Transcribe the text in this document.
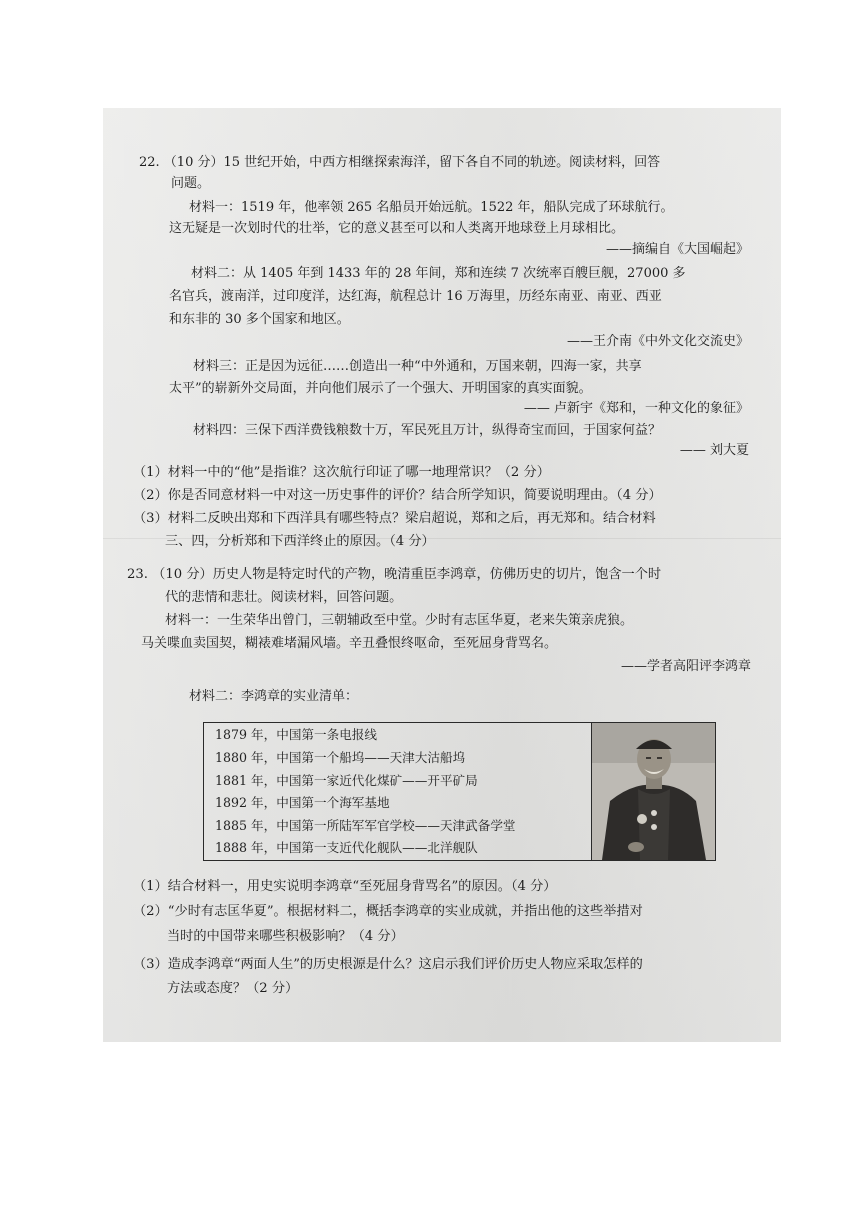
22. （10 分）15 世纪开始，中西方相继探索海洋，留下各自不同的轨迹。阅读材料，回答
问题。
材料一：1519 年，他率领 265 名船员开始远航。1522 年，船队完成了环球航行。
这无疑是一次划时代的壮举，它的意义甚至可以和人类离开地球登上月球相比。
——摘编自《大国崛起》
材料二：从 1405 年到 1433 年的 28 年间，郑和连续 7 次统率百艘巨舰，27000 多
名官兵，渡南洋，过印度洋，达红海，航程总计 16 万海里，历经东南亚、南亚、西亚
和东非的 30 多个国家和地区。
——王介南《中外文化交流史》
材料三：正是因为远征……创造出一种“中外通和，万国来朝，四海一家，共享
太平”的崭新外交局面，并向他们展示了一个强大、开明国家的真实面貌。
—— 卢新宇《郑和，一种文化的象征》
材料四：三保下西洋费钱粮数十万，军民死且万计，纵得奇宝而回，于国家何益？
—— 刘大夏
（1）材料一中的“他”是指谁？这次航行印证了哪一地理常识？（2 分）
（2）你是否同意材料一中对这一历史事件的评价？结合所学知识，简要说明理由。（4 分）
（3）材料二反映出郑和下西洋具有哪些特点？梁启超说，郑和之后，再无郑和。结合材料
三、四，分析郑和下西洋终止的原因。（4 分）
23. （10 分）历史人物是特定时代的产物，晚清重臣李鸿章，仿佛历史的切片，饱含一个时
代的悲情和悲壮。阅读材料，回答问题。
材料一：一生荣华出曾门，三朝辅政至中堂。少时有志匡华夏，老来失策亲虎狼。
马关喋血卖国契，糊裱难堵漏风墙。辛丑叠恨终呕命，至死屈身背骂名。
——学者高阳评李鸿章
材料二：李鸿章的实业清单：
1879 年，中国第一条电报线
1880 年，中国第一个船坞——天津大沽船坞
1881 年，中国第一家近代化煤矿——开平矿局
1892 年，中国第一个海军基地
1885 年，中国第一所陆军军官学校——天津武备学堂
1888 年，中国第一支近代化舰队——北洋舰队
（1）结合材料一，用史实说明李鸿章“至死屈身背骂名”的原因。（4 分）
（2）“少时有志匡华夏”。根据材料二，概括李鸿章的实业成就，并指出他的这些举措对
当时的中国带来哪些积极影响？（4 分）
（3）造成李鸿章“两面人生”的历史根源是什么？这启示我们评价历史人物应采取怎样的
方法或态度？（2 分）
